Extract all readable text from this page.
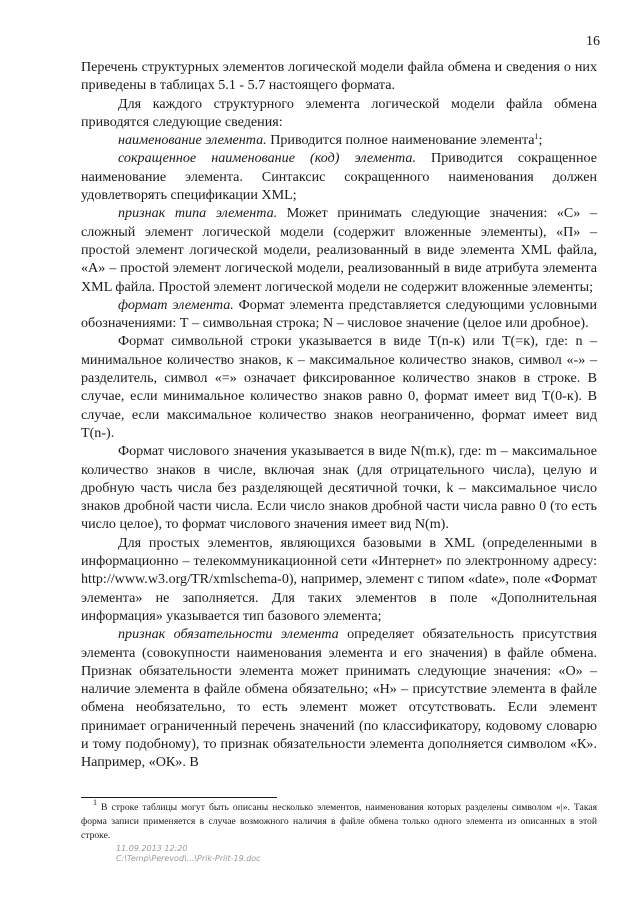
16

Перечень структурных элементов логической модели файла обмена и сведения о них приведены в таблицах 5.1 - 5.7 настоящего формата.

Для каждого структурного элемента логической модели файла обмена приводятся следующие сведения:

наименование элемента. Приводится полное наименование элемента$^1$;

сокращенное наименование (код) элемента. Приводится сокращенное наименование элемента. Синтаксис сокращенного наименования должен удовлетворять спецификации XML;

признак типа элемента. Может принимать следующие значения: «С» – сложный элемент логической модели (содержит вложенные элементы), «П» – простой элемент логической модели, реализованный в виде элемента XML файла, «А» – простой элемент логической модели, реализованный в виде атрибута элемента XML файла. Простой элемент логической модели не содержит вложенные элементы;

формат элемента. Формат элемента представляется следующими условными обозначениями: Т – символьная строка; N – числовое значение (целое или дробное).

Формат символьной строки указывается в виде Т(n-к) или Т(=к), где: n – минимальное количество знаков, к – максимальное количество знаков, символ «-» – разделитель, символ «=» означает фиксированное количество знаков в строке. В случае, если минимальное количество знаков равно 0, формат имеет вид Т(0-к). В случае, если максимальное количество знаков неограниченно, формат имеет вид Т(n-).

Формат числового значения указывается в виде N(m.к), где: m – максимальное количество знаков в числе, включая знак (для отрицательного числа), целую и дробную часть числа без разделяющей десятичной точки, k – максимальное число знаков дробной части числа. Если число знаков дробной части числа равно 0 (то есть число целое), то формат числового значения имеет вид N(m).

Для простых элементов, являющихся базовыми в XML (определенными в информационно – телекоммуникационной сети «Интернет» по электронному адресу: http://www.w3.org/TR/xmlschema-0), например, элемент с типом «date», поле «Формат элемента» не заполняется. Для таких элементов в поле «Дополнительная информация» указывается тип базового элемента;

признак обязательности элемента определяет обязательность присутствия элемента (совокупности наименования элемента и его значения) в файле обмена. Признак обязательности элемента может принимать следующие значения: «О» – наличие элемента в файле обмена обязательно; «Н» – присутствие элемента в файле обмена необязательно, то есть элемент может отсутствовать. Если элемент принимает ограниченный перечень значений (по классификатору, кодовому словарю и тому подобному), то признак обязательности элемента дополняется символом «К». Например, «ОК». В

$^1$ В строке таблицы могут быть описаны несколько элементов, наименования которых разделены символом «|». Такая форма записи применяется в случае возможного наличия в файле обмена только одного элемента из описанных в этой строке.

11.09.2013 12:20
C:\Temp\Perevod\...\Prik-Prilt-19.doc
